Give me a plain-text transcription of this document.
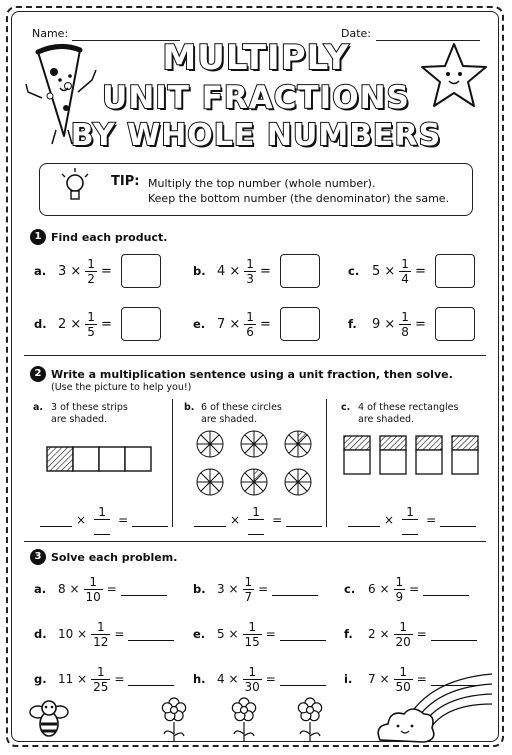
Name:	Date:
MULTIPLY
UNIT FRACTIONS
BY WHOLE NUMBERS
TIP: Multiply the top number (whole number).
Keep the bottom number (the denominator) the same.
1 Find each product.
a. $3 \times \frac{1}{2}$ =	b. $4 \times \frac{1}{3}$ =	c. $5 \times \frac{1}{4}$ =
d. $2 \times \frac{1}{5}$ =	e. $7 \times \frac{1}{6}$ =	f. $9 \times \frac{1}{8}$ =
2 Write a multiplication sentence using a unit fraction, then solve.
(Use the picture to help you!)
a. 3 of these strips
are shaded.
b. 6 of these circles
are shaded.
c. 4 of these rectangles
are shaded.
×
1
=	×
1
=	×
1
=
3 Solve each problem.
a. $8 \times \frac{1}{10}$ =	b. $3 \times \frac{1}{7}$ =	c. $6 \times \frac{1}{9}$ =
d. $10 \times \frac{1}{12}$ =	e. $5 \times \frac{1}{15}$ =	f. $2 \times \frac{1}{20}$ =
g. $11 \times \frac{1}{25}$ =	h. $4 \times \frac{1}{30}$ =	i. $7 \times \frac{1}{50}$ =
